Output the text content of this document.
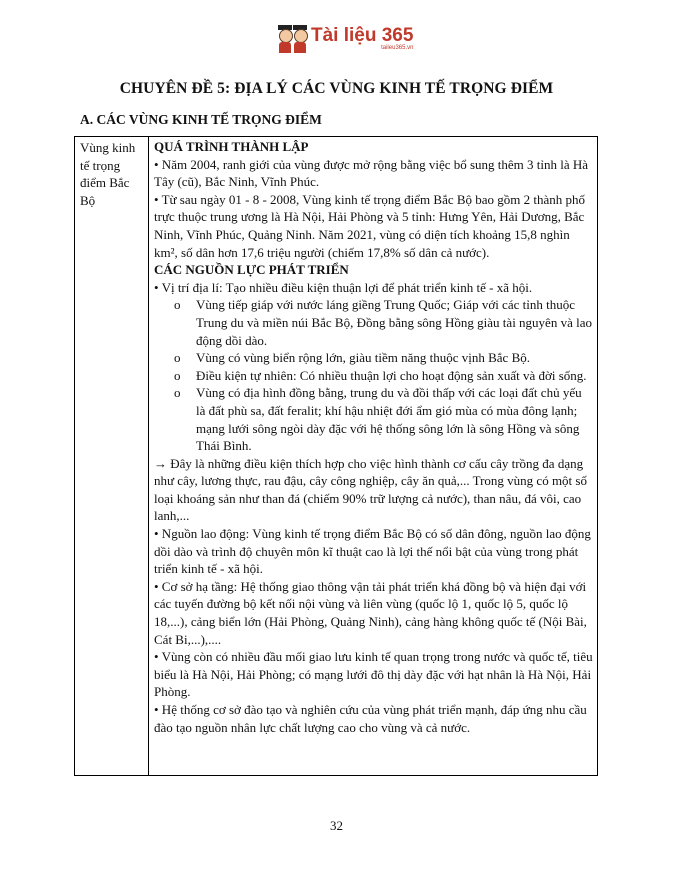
Tài liệu 365
taileu365.vn
CHUYÊN ĐỀ 5: ĐỊA LÝ CÁC VÙNG KINH TẾ TRỌNG ĐIỂM
A. CÁC VÙNG KINH TẾ TRỌNG ĐIỂM
Vùng kinh tế trọng điểm Bắc Bộ

QUÁ TRÌNH THÀNH LẬP

• Năm 2004, ranh giới của vùng được mở rộng bằng việc bổ sung thêm 3 tỉnh là Hà Tây (cũ), Bắc Ninh, Vĩnh Phúc.

• Từ sau ngày 01 - 8 - 2008, Vùng kinh tế trọng điểm Bắc Bộ bao gồm 2 thành phố trực thuộc trung ương là Hà Nội, Hải Phòng và 5 tỉnh: Hưng Yên, Hải Dương, Bắc Ninh, Vĩnh Phúc, Quảng Ninh. Năm 2021, vùng có diện tích khoảng 15,8 nghìn km², số dân hơn 17,6 triệu người (chiếm 17,8% số dân cả nước).

CÁC NGUỒN LỰC PHÁT TRIỂN

• Vị trí địa lí: Tạo nhiều điều kiện thuận lợi để phát triển kinh tế - xã hội.

o Vùng tiếp giáp với nước láng giềng Trung Quốc; Giáp với các tỉnh thuộc Trung du và miền núi Bắc Bộ, Đồng bằng sông Hồng giàu tài nguyên và lao động dồi dào.

o Vùng có vùng biển rộng lớn, giàu tiềm năng thuộc vịnh Bắc Bộ.

o Điều kiện tự nhiên: Có nhiều thuận lợi cho hoạt động sản xuất và đời sống.

o Vùng có địa hình đồng bằng, trung du và đồi thấp với các loại đất chủ yếu là đất phù sa, đất feralit; khí hậu nhiệt đới ẩm gió mùa có mùa đông lạnh; mạng lưới sông ngòi dày đặc với hệ thống sông lớn là sông Hồng và sông Thái Bình.

→ Đây là những điều kiện thích hợp cho việc hình thành cơ cấu cây trồng đa dạng như cây, lương thực, rau đậu, cây công nghiệp, cây ăn quả,... Trong vùng có một số loại khoáng sản như than đá (chiếm 90% trữ lượng cả nước), than nâu, đá vôi, cao lanh,...

• Nguồn lao động: Vùng kinh tế trọng điểm Bắc Bộ có số dân đông, nguồn lao động dồi dào và trình độ chuyên môn kĩ thuật cao là lợi thế nổi bật của vùng trong phát triển kinh tế - xã hội.

• Cơ sở hạ tầng: Hệ thống giao thông vận tải phát triển khá đồng bộ và hiện đại với các tuyến đường bộ kết nối nội vùng và liên vùng (quốc lộ 1, quốc lộ 5, quốc lộ 18,...), cảng biển lớn (Hải Phòng, Quảng Ninh), cảng hàng không quốc tế (Nội Bài, Cát Bi,...),....

• Vùng còn có nhiều đầu mối giao lưu kinh tế quan trọng trong nước và quốc tế, tiêu biểu là Hà Nội, Hải Phòng; có mạng lưới đô thị dày đặc với hạt nhân là Hà Nội, Hải Phòng.

• Hệ thống cơ sở đào tạo và nghiên cứu của vùng phát triển mạnh, đáp ứng nhu cầu đào tạo nguồn nhân lực chất lượng cao cho vùng và cả nước.

32
